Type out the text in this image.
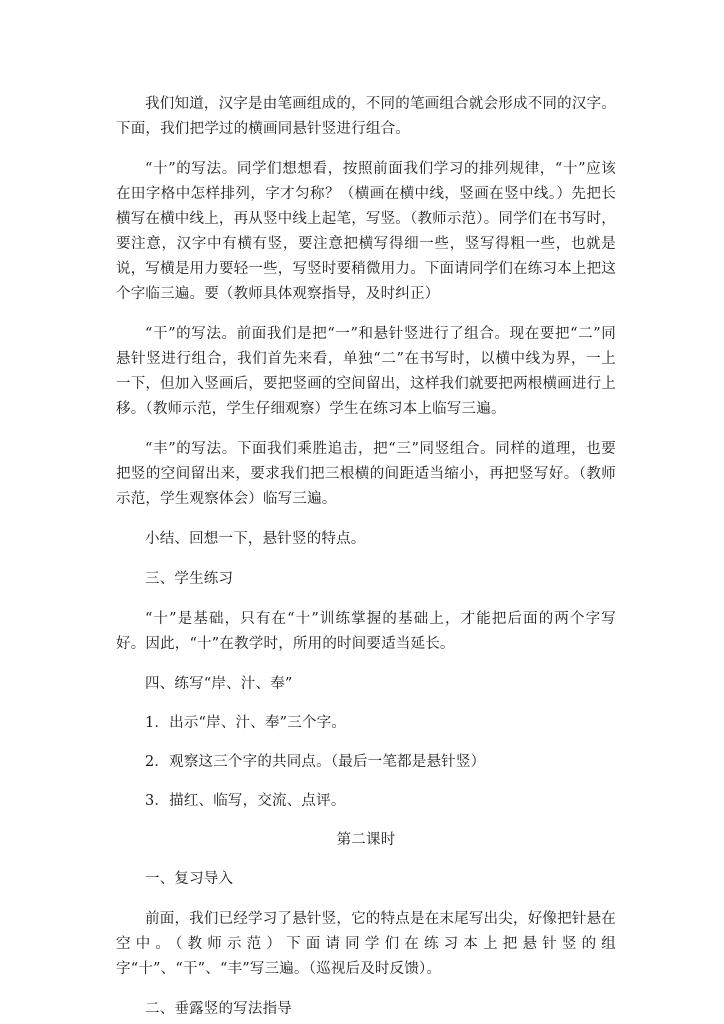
我们知道，汉字是由笔画组成的，不同的笔画组合就会形成不同的汉字。下面，我们把学过的横画同悬针竖进行组合。

“十”的写法。同学们想想看，按照前面我们学习的排列规律，“十”应该在田字格中怎样排列，字才匀称？（横画在横中线，竖画在竖中线。）先把长横写在横中线上，再从竖中线上起笔，写竖。（教师示范）。同学们在书写时，要注意，汉字中有横有竖，要注意把横写得细一些，竖写得粗一些，也就是说，写横是用力要轻一些，写竖时要稍微用力。下面请同学们在练习本上把这个字临三遍。要（教师具体观察指导，及时纠正）

“干”的写法。前面我们是把“一”和悬针竖进行了组合。现在要把“二”同悬针竖进行组合，我们首先来看，单独“二”在书写时，以横中线为界，一上一下，但加入竖画后，要把竖画的空间留出，这样我们就要把两根横画进行上移。（教师示范，学生仔细观察）学生在练习本上临写三遍。

“丰”的写法。下面我们乘胜追击，把“三”同竖组合。同样的道理，也要把竖的空间留出来，要求我们把三根横的间距适当缩小，再把竖写好。（教师示范，学生观察体会）临写三遍。

小结、回想一下，悬针竖的特点。

三、学生练习

“十”是基础，只有在“十”训练掌握的基础上，才能把后面的两个字写好。因此，“十”在教学时，所用的时间要适当延长。

四、练写“岸、汁、奉”

1．出示“岸、汁、奉”三个字。

2．观察这三个字的共同点。（最后一笔都是悬针竖）

3．描红、临写，交流、点评。

第二课时

一、复习导入

前面，我们已经学习了悬针竖，它的特点是在末尾写出尖，好像把针悬在空中。（教师示范）下面请同学们在练习本上把悬针竖的组字“十”、“干”、“丰”写三遍。（巡视后及时反馈）。

二、垂露竖的写法指导
